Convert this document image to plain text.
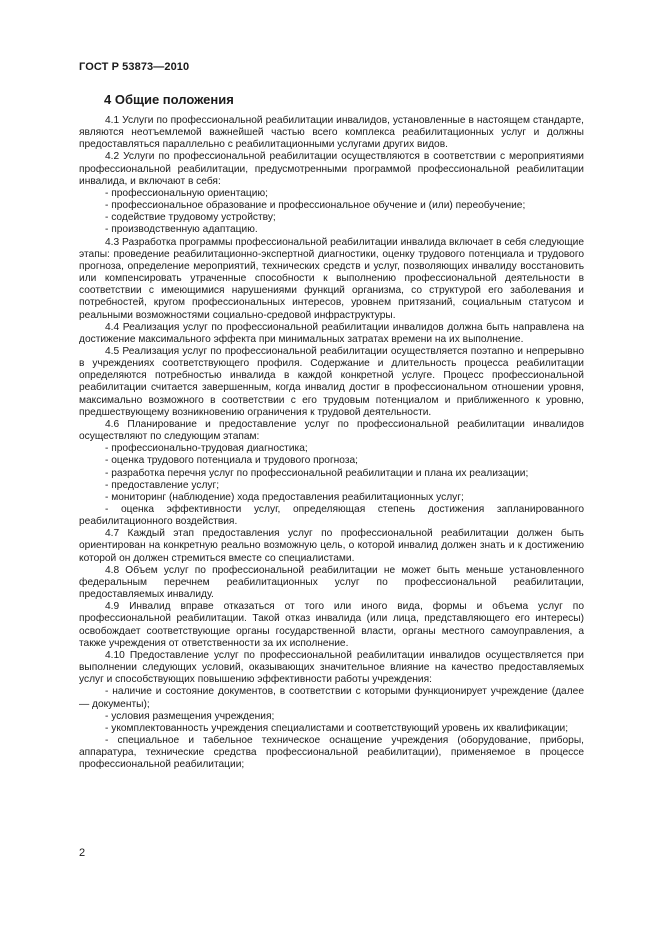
ГОСТ Р 53873—2010
4 Общие положения

4.1 Услуги по профессиональной реабилитации инвалидов, установленные в настоящем стандарте, являются неотъемлемой важнейшей частью всего комплекса реабилитационных услуг и должны предоставляться параллельно с реабилитационными услугами других видов.

4.2 Услуги по профессиональной реабилитации осуществляются в соответствии с мероприятиями профессиональной реабилитации, предусмотренными программой профессиональной реабилитации инвалида, и включают в себя:

- профессиональную ориентацию;

- профессиональное образование и профессиональное обучение и (или) переобучение;

- содействие трудовому устройству;

- производственную адаптацию.

4.3 Разработка программы профессиональной реабилитации инвалида включает в себя следующие этапы: проведение реабилитационно-экспертной диагностики, оценку трудового потенциала и трудового прогноза, определение мероприятий, технических средств и услуг, позволяющих инвалиду восстановить или компенсировать утраченные способности к выполнению профессиональной деятельности в соответствии с имеющимися нарушениями функций организма, со структурой его заболевания и потребностей, кругом профессиональных интересов, уровнем притязаний, социальным статусом и реальными возможностями социально-средовой инфраструктуры.

4.4 Реализация услуг по профессиональной реабилитации инвалидов должна быть направлена на достижение максимального эффекта при минимальных затратах времени на их выполнение.

4.5 Реализация услуг по профессиональной реабилитации осуществляется поэтапно и непрерывно в учреждениях соответствующего профиля. Содержание и длительность процесса реабилитации определяются потребностью инвалида в каждой конкретной услуге. Процесс профессиональной реабилитации считается завершенным, когда инвалид достиг в профессиональном отношении уровня, максимально возможного в соответствии с его трудовым потенциалом и приближенного к уровню, предшествующему возникновению ограничения к трудовой деятельности.

4.6 Планирование и предоставление услуг по профессиональной реабилитации инвалидов осуществляют по следующим этапам:

- профессионально-трудовая диагностика;

- оценка трудового потенциала и трудового прогноза;

- разработка перечня услуг по профессиональной реабилитации и плана их реализации;

- предоставление услуг;

- мониторинг (наблюдение) хода предоставления реабилитационных услуг;

- оценка эффективности услуг, определяющая степень достижения запланированного реабилитационного воздействия.

4.7 Каждый этап предоставления услуг по профессиональной реабилитации должен быть ориентирован на конкретную реально возможную цель, о которой инвалид должен знать и к достижению которой он должен стремиться вместе со специалистами.

4.8 Объем услуг по профессиональной реабилитации не может быть меньше установленного федеральным перечнем реабилитационных услуг по профессиональной реабилитации, предоставляемых инвалиду.

4.9 Инвалид вправе отказаться от того или иного вида, формы и объема услуг по профессиональной реабилитации. Такой отказ инвалида (или лица, представляющего его интересы) освобождает соответствующие органы государственной власти, органы местного самоуправления, а также учреждения от ответственности за их исполнение.

4.10 Предоставление услуг по профессиональной реабилитации инвалидов осуществляется при выполнении следующих условий, оказывающих значительное влияние на качество предоставляемых услуг и способствующих повышению эффективности работы учреждения:

- наличие и состояние документов, в соответствии с которыми функционирует учреждение (далее — документы);

- условия размещения учреждения;

- укомплектованность учреждения специалистами и соответствующий уровень их квалификации;

- специальное и табельное техническое оснащение учреждения (оборудование, приборы, аппаратура, технические средства профессиональной реабилитации), применяемое в процессе профессиональной реабилитации;

2
